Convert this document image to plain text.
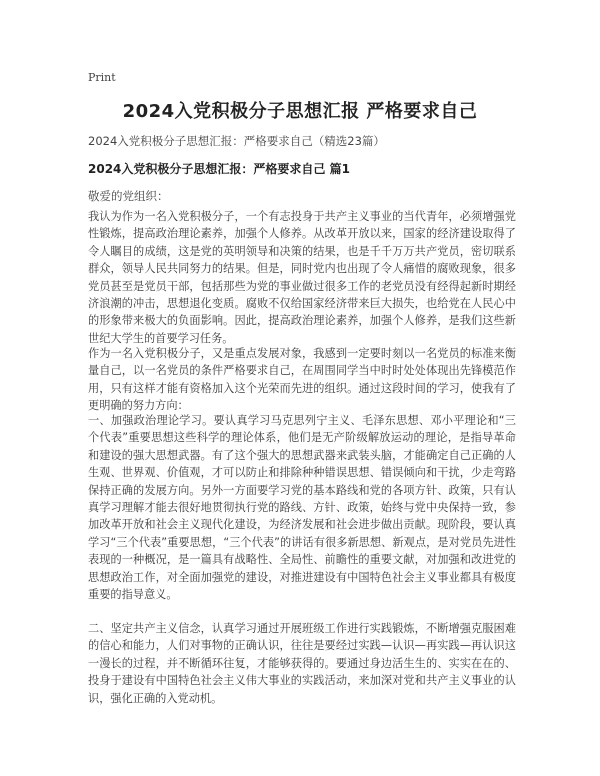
Print
2024入党积极分子思想汇报 严格要求自己
2024入党积极分子思想汇报：严格要求自己（精选23篇）
2024入党积极分子思想汇报：严格要求自己 篇1
敬爱的党组织：

我认为作为一名入党积极分子，一个有志投身于共产主义事业的当代青年，必须增强党性锻炼，提高政治理论素养，加强个人修养。从改革开放以来，国家的经济建设取得了令人瞩目的成绩，这是党的英明领导和决策的结果，也是千千万万共产党员，密切联系群众，领导人民共同努力的结果。但是，同时党内也出现了令人痛惜的腐败现象，很多党员甚至是党员干部，包括那些为党的事业做过很多工作的老党员没有经得起新时期经济浪潮的冲击，思想退化变质。腐败不仅给国家经济带来巨大损失，也给党在人民心中的形象带来极大的负面影响。因此，提高政治理论素养，加强个人修养，是我们这些新世纪大学生的首要学习任务。

作为一名入党积极分子，又是重点发展对象，我感到一定要时刻以一名党员的标准来衡量自己，以一名党员的条件严格要求自己，在周围同学当中时时处处体现出先锋模范作用，只有这样才能有资格加入这个光荣而先进的组织。通过这段时间的学习，使我有了更明确的努力方向：

一、加强政治理论学习。要认真学习马克思列宁主义、毛泽东思想、邓小平理论和“三个代表”重要思想这些科学的理论体系，他们是无产阶级解放运动的理论，是指导革命和建设的强大思想武器。有了这个强大的思想武器来武装头脑，才能确定自己正确的人生观、世界观、价值观，才可以防止和排除种种错误思想、错误倾向和干扰，少走弯路保持正确的发展方向。另外一方面要学习党的基本路线和党的各项方针、政策，只有认真学习理解才能去很好地贯彻执行党的路线、方针、政策，始终与党中央保持一致，参加改革开放和社会主义现代化建设，为经济发展和社会进步做出贡献。现阶段，要认真学习“三个代表”重要思想，“三个代表”的讲话有很多新思想、新观点，是对党员先进性表现的一种概况，是一篇具有战略性、全局性、前瞻性的重要文献，对加强和改进党的思想政治工作，对全面加强党的建设，对推进建设有中国特色社会主义事业都具有极度重要的指导意义。

二、坚定共产主义信念，认真学习通过开展班级工作进行实践锻炼，不断增强克服困难的信心和能力，人们对事物的正确认识，往往是要经过实践—认识—再实践—再认识这一漫长的过程，并不断循环往复，才能够获得的。要通过身边活生生的、实实在在的、投身于建设有中国特色社会主义伟大事业的实践活动，来加深对党和共产主义事业的认识，强化正确的入党动机。
